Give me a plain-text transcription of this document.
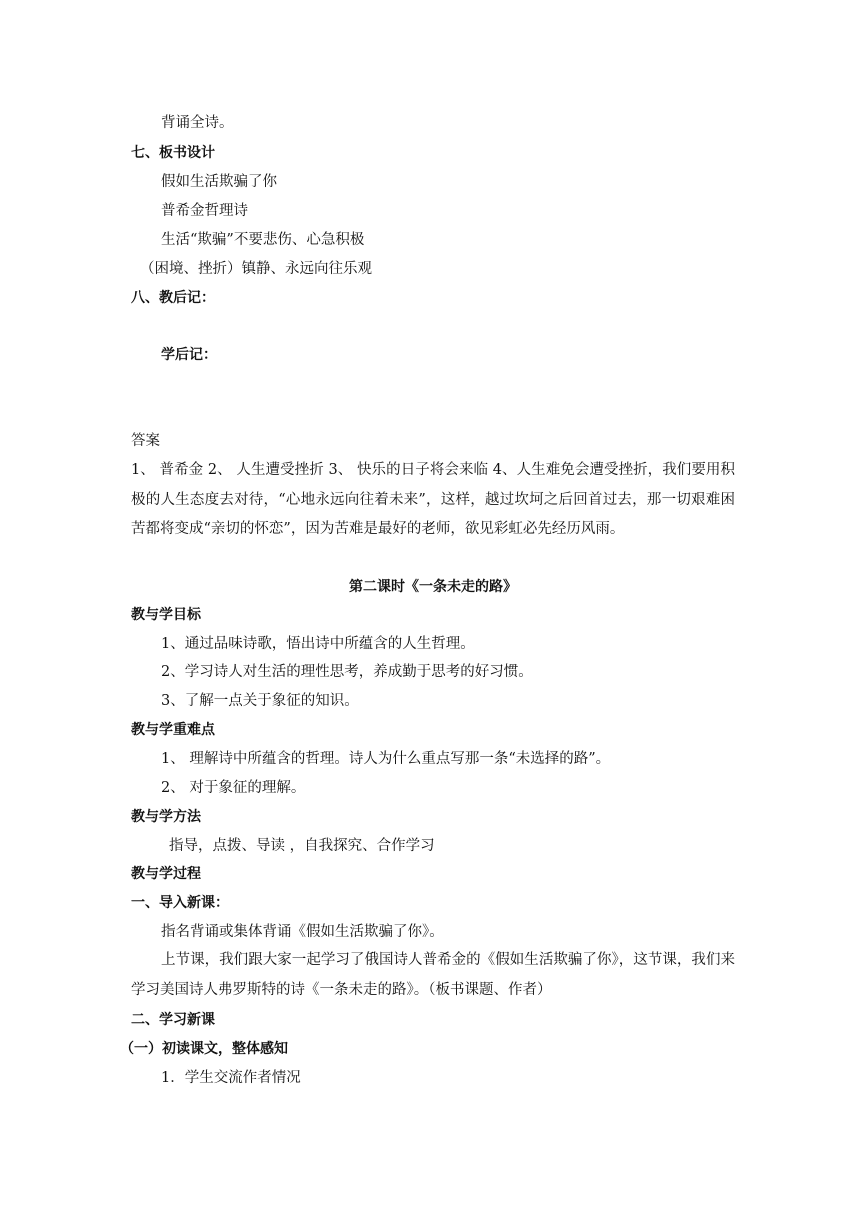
背诵全诗。
七、板书设计
假如生活欺骗了你
普希金哲理诗
生活“欺骗”不要悲伤、心急积极
（困境、挫折）镇静、永远向往乐观
八、教后记：
学后记：
答案
1、 普希金 2、 人生遭受挫折 3、 快乐的日子将会来临 4、人生难免会遭受挫折，我们要用积极的人生态度去对待，“心地永远向往着未来”，这样，越过坎坷之后回首过去，那一切艰难困苦都将变成“亲切的怀恋”，因为苦难是最好的老师，欲见彩虹必先经历风雨。
第二课时《一条未走的路》
教与学目标
1、通过品味诗歌，悟出诗中所蕴含的人生哲理。
2、学习诗人对生活的理性思考，养成勤于思考的好习惯。
3、了解一点关于象征的知识。
教与学重难点
1、 理解诗中所蕴含的哲理。诗人为什么重点写那一条“未选择的路”。
2、 对于象征的理解。
教与学方法
指导，点拨、导读 ，自我探究、合作学习
教与学过程
一、导入新课：
指名背诵或集体背诵《假如生活欺骗了你》。
上节课，我们跟大家一起学习了俄国诗人普希金的《假如生活欺骗了你》，这节课，我们来学习美国诗人弗罗斯特的诗《一条未走的路》。（板书课题、作者）
二、学习新课
（一）初读课文，整体感知
1．学生交流作者情况
